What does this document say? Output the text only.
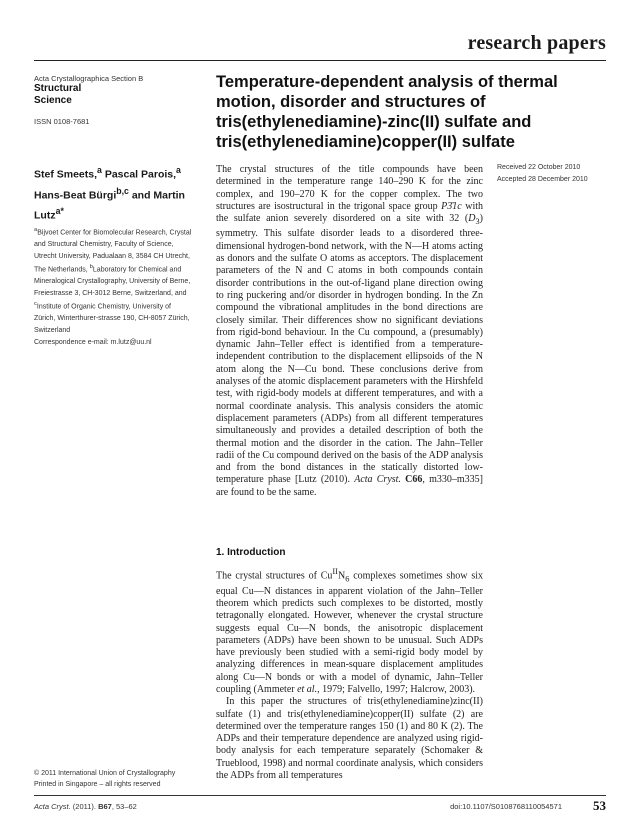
research papers
Acta Crystallographica Section B
Structural
Science
ISSN 0108-7681
Temperature-dependent analysis of thermal motion, disorder and structures of tris(ethylenediamine)-zinc(II) sulfate and tris(ethylenediamine)copper(II) sulfate
Stef Smeets,$^a$ Pascal Parois,$^a$
Hans-Beat Bürgi$^{b,c}$ and Martin Lutz$^{a*}$
$^a$Bijvoet Center for Biomolecular Research, Crystal and Structural Chemistry, Faculty of Science, Utrecht University, Padualaan 8, 3584 CH Utrecht, The Netherlands, $^b$Laboratory for Chemical and Mineralogical Crystallography, University of Berne, Freiestrasse 3, CH-3012 Berne, Switzerland, and $^c$Institute of Organic Chemistry, University of Zürich, Winterthurer-strasse 190, CH-8057 Zürich, Switzerland
Correspondence e-mail: m.lutz@uu.nl
Received 22 October 2010
Accepted 28 December 2010
The crystal structures of the title compounds have been determined in the temperature range 140–290 K for the zinc complex, and 190–270 K for the copper complex. The two structures are isostructural in the trigonal space group P3̄1c with the sulfate anion severely disordered on a site with 32 $(D_3)$ symmetry. This sulfate disorder leads to a disordered three-dimensional hydrogen-bond network, with the N—H atoms acting as donors and the sulfate O atoms as acceptors. The displacement parameters of the N and C atoms in both compounds contain disorder contributions in the out-of-ligand plane direction owing to ring puckering and/or disorder in hydrogen bonding. In the Zn compound the vibrational amplitudes in the bond directions are closely similar. Their differences show no significant deviations from rigid-bond behaviour. In the Cu compound, a (presumably) dynamic Jahn–Teller effect is identified from a temperature-independent contribution to the displacement ellipsoids of the N atom along the N—Cu bond. These conclusions derive from analyses of the atomic displacement parameters with the Hirshfeld test, with rigid-body models at different temperatures, and with a normal coordinate analysis. This analysis considers the atomic displacement parameters (ADPs) from all different temperatures simultaneously and provides a detailed description of both the thermal motion and the disorder in the cation. The Jahn–Teller radii of the Cu compound derived on the basis of the ADP analysis and from the bond distances in the statically distorted low-temperature phase [Lutz (2010). Acta Cryst. C66, m330–m335] are found to be the same.
1. Introduction

The crystal structures of $Cu^{II}N_6$ complexes sometimes show six equal Cu—N distances in apparent violation of the Jahn–Teller theorem which predicts such complexes to be distorted, mostly tetragonally elongated. However, whenever the crystal structure suggests equal Cu—N bonds, the anisotropic displacement parameters (ADPs) have been shown to be unusual. Such ADPs have previously been studied with a semi-rigid body model by analyzing differences in mean-square displacement amplitudes along Cu—N bonds or with a model of dynamic, Jahn–Teller coupling (Ammeter et al., 1979; Falvello, 1997; Halcrow, 2003).

In this paper the structures of tris(ethylenediamine)zinc(II) sulfate (1) and tris(ethylenediamine)copper(II) sulfate (2) are determined over the temperature ranges 150 (1) and 80 K (2). The ADPs and their temperature dependence are analyzed using rigid-body analysis for each temperature separately (Schomaker & Trueblood, 1998) and normal coordinate analysis, which considers the ADPs from all temperatures

© 2011 International Union of Crystallography
Printed in Singapore – all rights reserved
Acta Cryst. (2011). B67, 53–62	doi:10.1107/S0108768110054571 53
